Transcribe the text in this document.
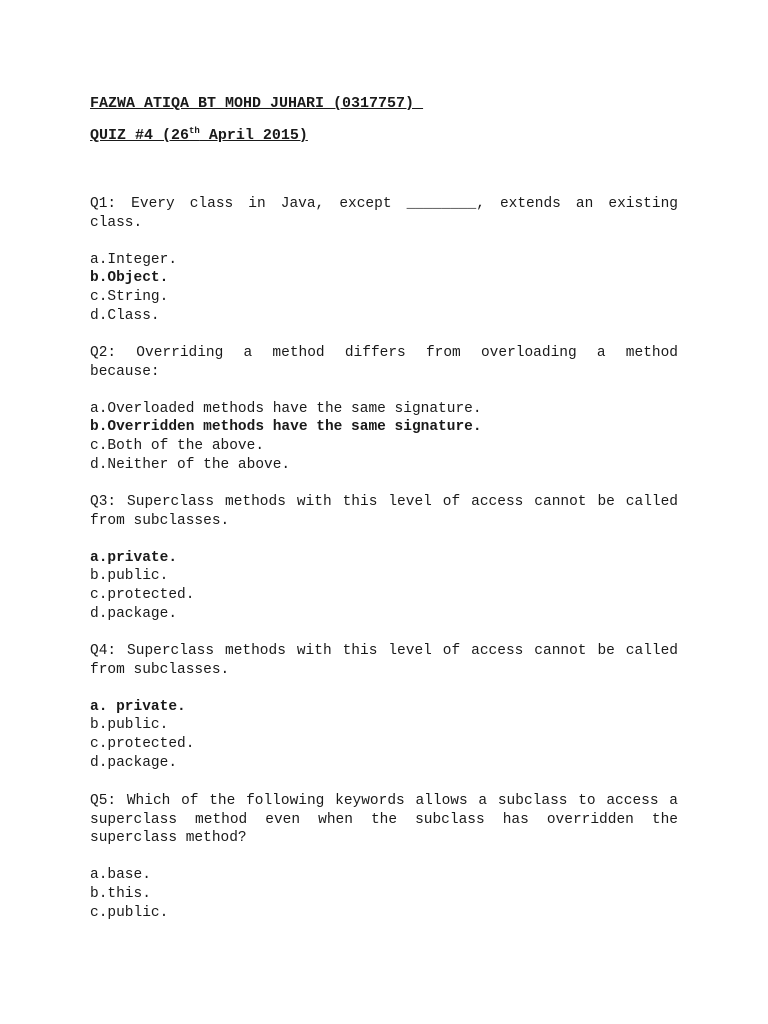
FAZWA ATIQA BT MOHD JUHARI (0317757)
QUIZ #4 (26th April 2015)
Q1: Every class in Java, except ________, extends an existing
class.
a.Integer.
b.Object.
c.String.
d.Class.
Q2: Overriding a method differs from overloading a method
because:
a.Overloaded methods have the same signature.
b.Overridden methods have the same signature.
c.Both of the above.
d.Neither of the above.
Q3: Superclass methods with this level of access cannot be called
from subclasses.
a.private.
b.public.
c.protected.
d.package.
Q4: Superclass methods with this level of access cannot be called
from subclasses.
a. private.
b.public.
c.protected.
d.package.
Q5: Which of the following keywords allows a subclass to access a
superclass method even when the subclass has overridden the
superclass method?
a.base.
b.this.
c.public.
